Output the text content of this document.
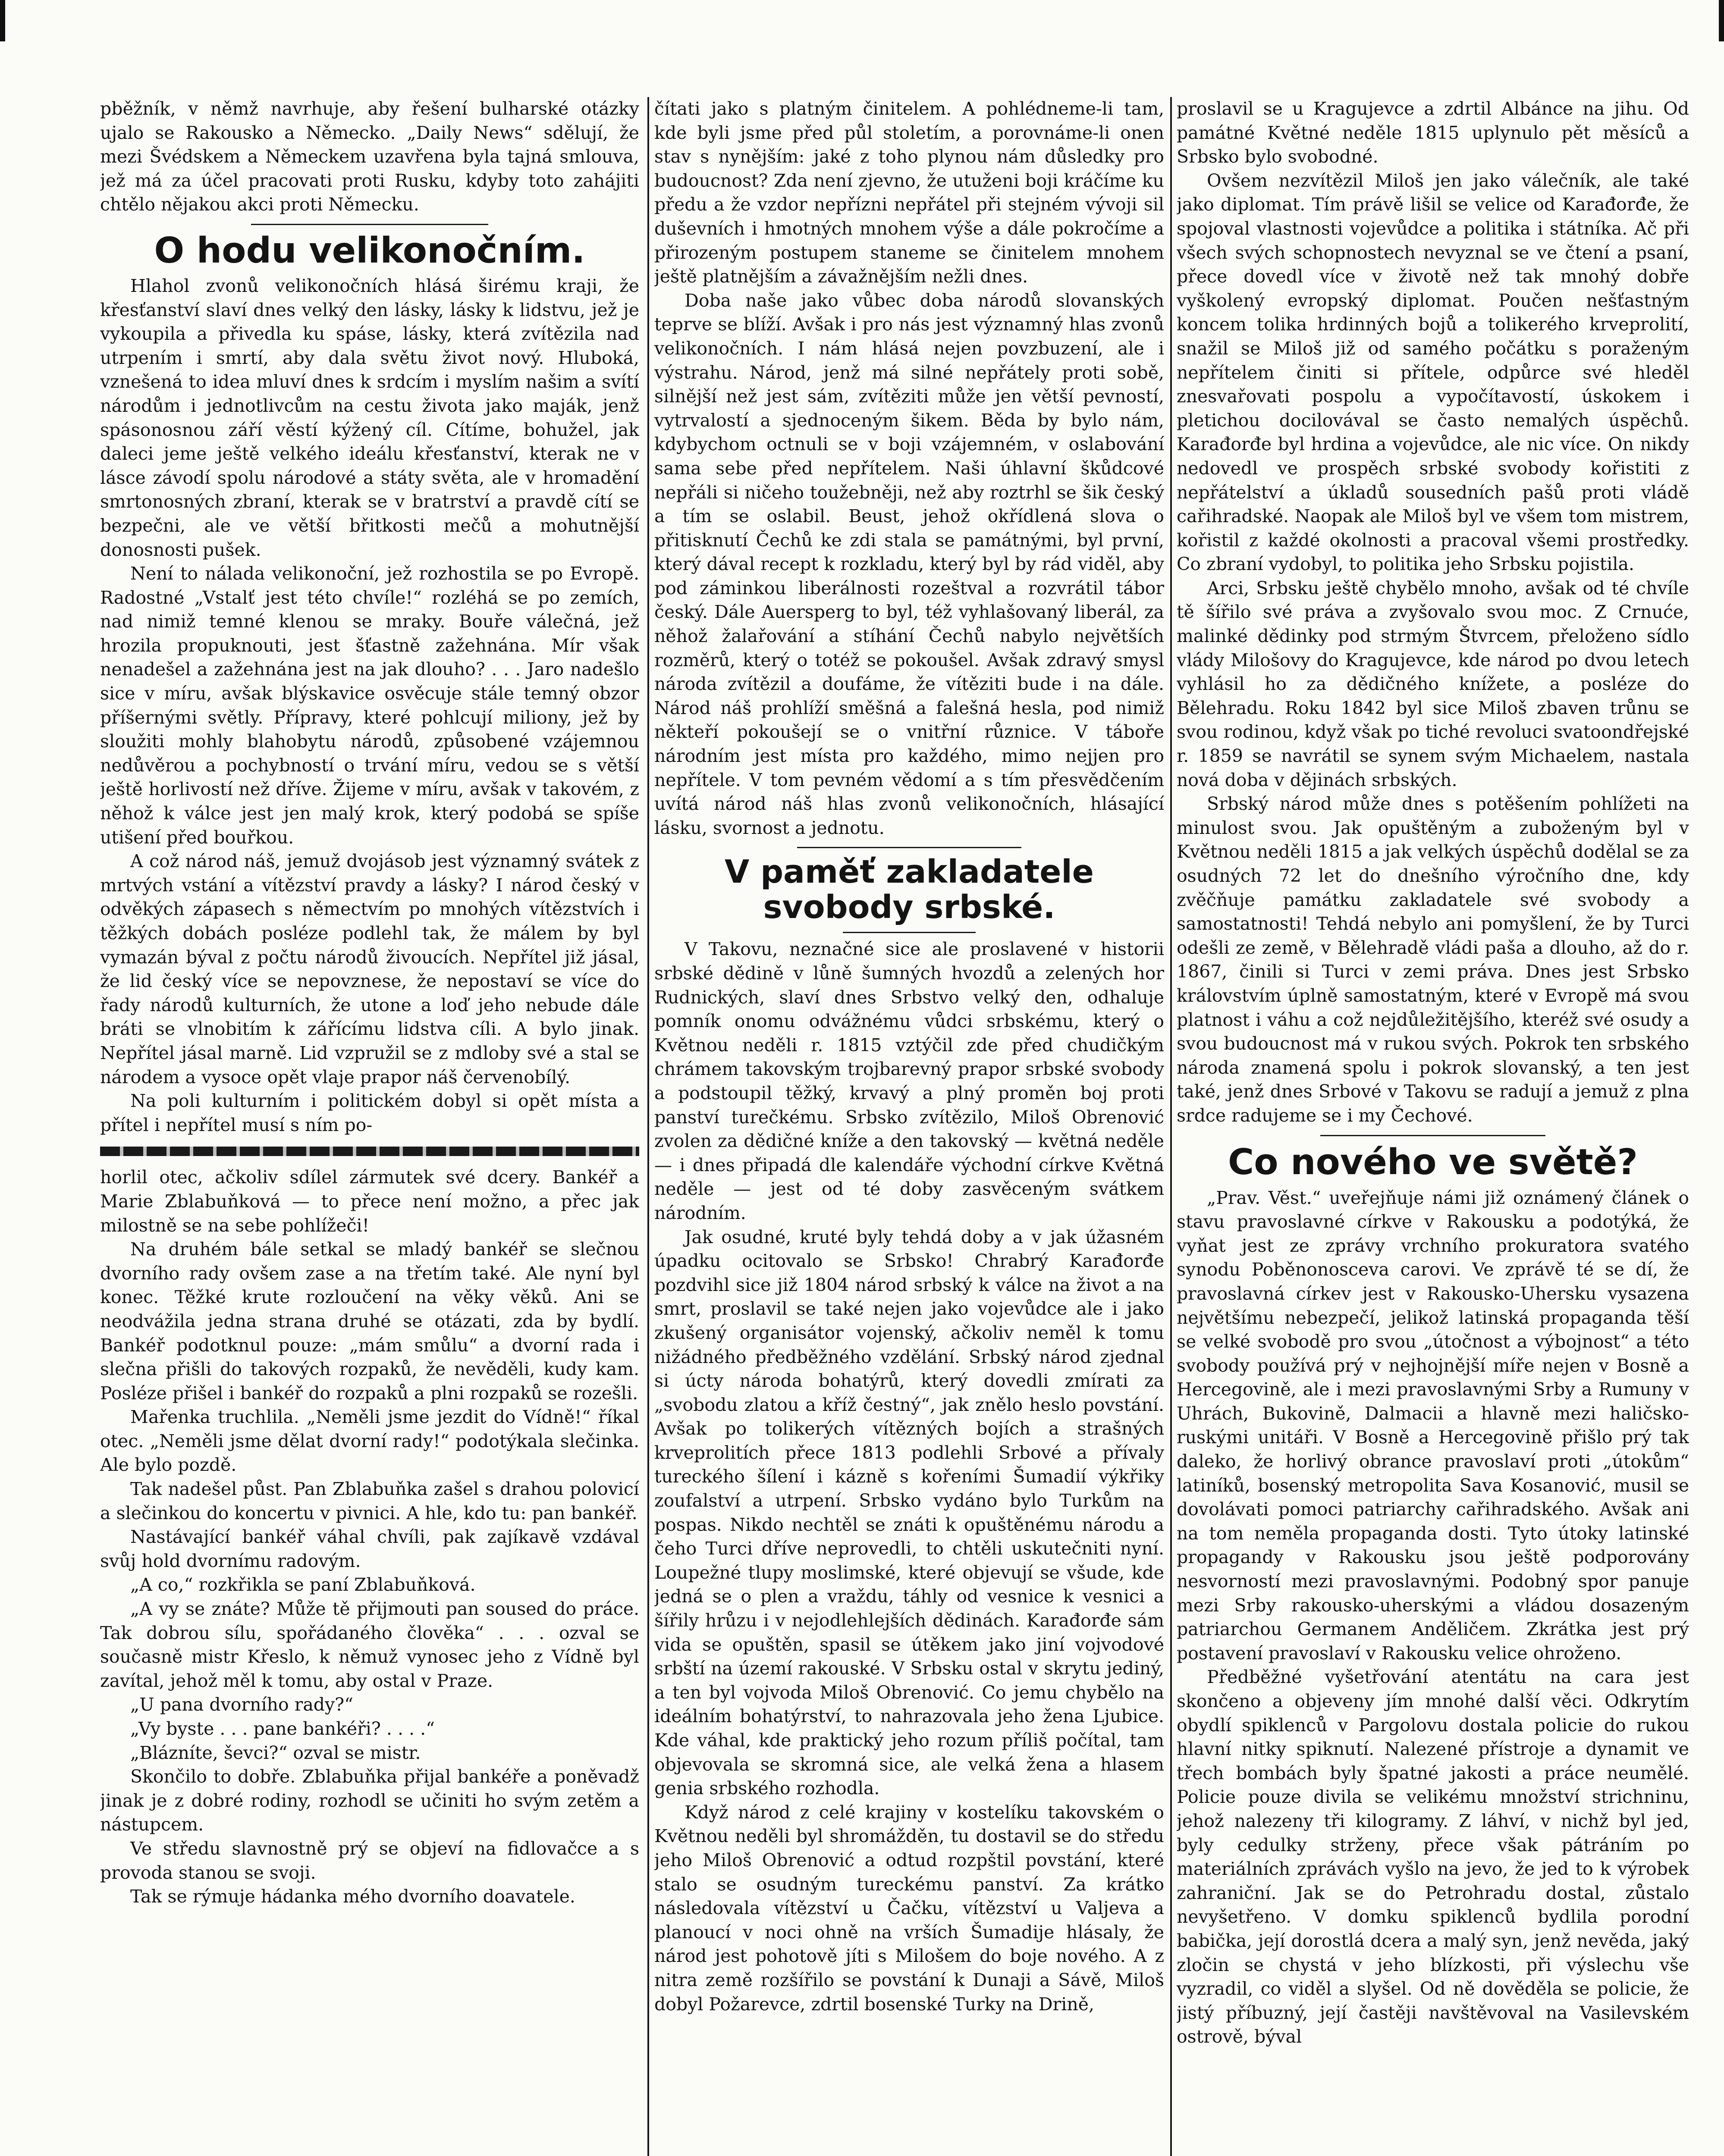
pběžník, v němž navrhuje, aby řešení bulharské otázky ujalo se Rakousko a Německo. „Daily News“ sdělují, že mezi Švédskem a Německem uzavřena byla tajná smlouva, jež má za účel pracovati proti Rusku, kdyby toto zahájiti chtělo nějakou akci proti Německu.

O hodu velikonočním.

Hlahol zvonů velikonočních hlásá širému kraji, že křesťanství slaví dnes velký den lásky, lásky k lidstvu, jež je vykoupila a přivedla ku spáse, lásky, která zvítězila nad utrpením i smrtí, aby dala světu život nový. Hluboká, vznešená to idea mluví dnes k srdcím i myslím našim a svítí národům i jednotlivcům na cestu života jako maják, jenž spásonosnou září věstí kýžený cíl. Cítíme, bohužel, jak daleci jeme ještě velkého ideálu křesťanství, kterak ne v lásce závodí spolu národové a státy světa, ale v hromadění smrtonosných zbraní, kterak se v bratrství a pravdě cítí se bezpečni, ale ve větší břitkosti mečů a mohutnější donosnosti pušek.

Není to nálada velikonoční, jež rozhostila se po Evropě. Radostné „Vstalť jest této chvíle!“ rozléhá se po zemích, nad nimiž temné klenou se mraky. Bouře válečná, jež hrozila propuknouti, jest šťastně zažehnána. Mír však nenadešel a zažehnána jest na jak dlouho? . . . Jaro nadešlo sice v míru, avšak blýskavice osvěcuje stále temný obzor příšernými světly. Přípravy, které pohlcují miliony, jež by sloužiti mohly blahobytu národů, způsobené vzájemnou nedůvěrou a pochybností o trvání míru, vedou se s větší ještě horlivostí než dříve. Žijeme v míru, avšak v takovém, z něhož k válce jest jen malý krok, který podobá se spíše utišení před bouřkou.

A což národ náš, jemuž dvojásob jest významný svátek z mrtvých vstání a vítězství pravdy a lásky? I národ český v odvěkých zápasech s němectvím po mnohých vítězstvích i těžkých dobách posléze podlehl tak, že málem by byl vymazán býval z počtu národů živoucích. Nepřítel již jásal, že lid český více se nepovznese, že nepostaví se více do řady národů kulturních, že utone a loď jeho nebude dále bráti se vlnobitím k zářícímu lidstva cíli. A bylo jinak. Nepřítel jásal marně. Lid vzpružil se z mdloby své a stal se národem a vysoce opět vlaje prapor náš červenobílý.

Na poli kulturním i politickém dobyl si opět místa a přítel i nepřítel musí s ním po-

horlil otec, ačkoliv sdílel zármutek své dcery. Bankéř a Marie Zblabuňková — to přece není možno, a přec jak milostně se na sebe pohlížeči!

Na druhém bále setkal se mladý bankéř se slečnou dvorního rady ovšem zase a na třetím také. Ale nyní byl konec. Těžké krute rozloučení na věky věků. Ani se neodvážila jedna strana druhé se otázati, zda by bydlí. Bankéř podotknul pouze: „mám smůlu“ a dvorní rada i slečna přišli do takových rozpaků, že nevěděli, kudy kam. Posléze přišel i bankéř do rozpaků a plni rozpaků se rozešli.

Mařenka truchlila. „Neměli jsme jezdit do Vídně!“ říkal otec. „Neměli jsme dělat dvorní rady!“ podotýkala slečinka. Ale bylo pozdě.

Tak nadešel půst. Pan Zblabuňka zašel s drahou polovicí a slečinkou do koncertu v pivnici. A hle, kdo tu: pan bankéř.

Nastávající bankéř váhal chvíli, pak zajíkavě vzdával svůj hold dvornímu radovým.

„A co,“ rozkřikla se paní Zblabuňková.

„A vy se znáte? Může tě přijmouti pan soused do práce. Tak dobrou sílu, spořádaného člověka“ . . . ozval se současně mistr Křeslo, k němuž vynosec jeho z Vídně byl zavítal, jehož měl k tomu, aby ostal v Praze.

„U pana dvorního rady?“

„Vy byste . . . pane bankéři? . . . .“

„Blázníte, ševci?“ ozval se mistr.

Skončilo to dobře. Zblabuňka přijal bankéře a poněvadž jinak je z dobré rodiny, rozhodl se učiniti ho svým zetěm a nástupcem.

Ve středu slavnostně prý se objeví na fidlovačce a s provoda stanou se svoji.

Tak se rýmuje hádanka mého dvorního doavatele.

čítati jako s platným činitelem. A pohlédneme-li tam, kde byli jsme před půl stoletím, a porovnáme-li onen stav s nynějším: jaké z toho plynou nám důsledky pro budoucnost? Zda není zjevno, že utuženi boji kráčíme ku předu a že vzdor nepřízni nepřátel při stejném vývoji sil duševních i hmotných mnohem výše a dále pokročíme a přirozeným postupem staneme se činitelem mnohem ještě platnějším a závažnějším nežli dnes.

Doba naše jako vůbec doba národů slovanských teprve se blíží. Avšak i pro nás jest významný hlas zvonů velikonočních. I nám hlásá nejen povzbuzení, ale i výstrahu. Národ, jenž má silné nepřátely proti sobě, silnější než jest sám, zvítěziti může jen větší pevností, vytrvalostí a sjednoceným šikem. Běda by bylo nám, kdybychom octnuli se v boji vzájemném, v oslabování sama sebe před nepřítelem. Naši úhlavní škůdcové nepřáli si ničeho toužebněji, než aby roztrhl se šik český a tím se oslabil. Beust, jehož okřídlená slova o přitisknutí Čechů ke zdi stala se památnými, byl první, který dával recept k rozkladu, který byl by rád viděl, aby pod záminkou liberálnosti rozeštval a rozvrátil tábor český. Dále Auersperg to byl, též vyhlašovaný liberál, za něhož žalařování a stíhání Čechů nabylo největších rozměrů, který o totéž se pokoušel. Avšak zdravý smysl národa zvítězil a doufáme, že vítěziti bude i na dále. Národ náš prohlíží směšná a falešná hesla, pod nimiž někteří pokoušejí se o vnitřní různice. V táboře národním jest místa pro každého, mimo nejjen pro nepřítele. V tom pevném vědomí a s tím přesvědčením uvítá národ náš hlas zvonů velikonočních, hlásající lásku, svornost a jednotu.

V paměť zakladatele svobody srbské.

V Takovu, neznačné sice ale proslavené v historii srbské dědině v lůně šumných hvozdů a zelených hor Rudnických, slaví dnes Srbstvo velký den, odhaluje pomník onomu odvážnému vůdci srbskému, který o Květnou neděli r. 1815 vztýčil zde před chudičkým chrámem takovským trojbarevný prapor srbské svobody a podstoupil těžký, krvavý a plný proměn boj proti panství turečkému. Srbsko zvítězilo, Miloš Obrenović zvolen za dědičné kníže a den takovský — květná neděle — i dnes připadá dle kalendáře východní církve Květná neděle — jest od té doby zasvěceným svátkem národním.

Jak osudné, kruté byly tehdá doby a v jak úžasném úpadku ocitovalo se Srbsko! Chrabrý Karađorđe pozdvihl sice již 1804 národ srbský k válce na život a na smrt, proslavil se také nejen jako vojevůdce ale i jako zkušený organisátor vojenský, ačkoliv neměl k tomu nižádného předběžného vzdělání. Srbský národ zjednal si úcty národa bohatýrů, který dovedli zmírati za „svobodu zlatou a kříž čestný“, jak znělo heslo povstání. Avšak po tolikerých vítězných bojích a strašných krveprolitích přece 1813 podlehli Srbové a přívaly tureckého šílení i kázně s kořeními Šumadií výkřiky zoufalství a utrpení. Srbsko vydáno bylo Turkům na pospas. Nikdo nechtěl se znáti k opuštěnému národu a čeho Turci dříve neprovedli, to chtěli uskutečniti nyní. Loupežné tlupy moslimské, které objevují se všude, kde jedná se o plen a vraždu, táhly od vesnice k vesnici a šířily hrůzu i v nejodlehlejších dědinách. Karađorđe sám vida se opuštěn, spasil se útěkem jako jiní vojvodové srbští na území rakouské. V Srbsku ostal v skrytu jediný, a ten byl vojvoda Miloš Obrenović. Co jemu chybělo na ideálním bohatýrství, to nahrazovala jeho žena Ljubice. Kde váhal, kde praktický jeho rozum příliš počítal, tam objevovala se skromná sice, ale velká žena a hlasem genia srbského rozhodla.

Když národ z celé krajiny v kostelíku takovském o Květnou neděli byl shromážděn, tu dostavil se do středu jeho Miloš Obrenović a odtud rozpštil povstání, které stalo se osudným tureckému panství. Za krátko následovala vítězství u Čačku, vítězství u Valjeva a planoucí v noci ohně na vrších Šumadije hlásaly, že národ jest pohotově jíti s Milošem do boje nového. A z nitra země rozšířilo se povstání k Dunaji a Sávě, Miloš dobyl Požarevce, zdrtil bosenské Turky na Drině,

proslavil se u Kragujevce a zdrtil Albánce na jihu. Od památné Květné neděle 1815 uplynulo pět měsíců a Srbsko bylo svobodné.

Ovšem nezvítězil Miloš jen jako válečník, ale také jako diplomat. Tím právě lišil se velice od Karađorđe, že spojoval vlastnosti vojevůdce a politika i státníka. Ač při všech svých schopnostech nevyznal se ve čtení a psaní, přece dovedl více v životě než tak mnohý dobře vyškolený evropský diplomat. Poučen nešťastným koncem tolika hrdinných bojů a tolikerého krveprolití, snažil se Miloš již od samého počátku s poraženým nepřítelem činiti si přítele, odpůrce své hleděl znesvařovati pospolu a vypočítavostí, úskokem i pletichou docilovával se často nemalých úspěchů. Karađorđe byl hrdina a vojevůdce, ale nic více. On nikdy nedovedl ve prospěch srbské svobody kořistiti z nepřátelství a úkladů sousedních pašů proti vládě cařihradské. Naopak ale Miloš byl ve všem tom mistrem, kořistil z každé okolnosti a pracoval všemi prostředky. Co zbraní vydobyl, to politika jeho Srbsku pojistila.

Arci, Srbsku ještě chybělo mnoho, avšak od té chvíle tě šířilo své práva a zvyšovalo svou moc. Z Crnuće, malinké dědinky pod strmým Štvrcem, přeloženo sídlo vlády Milošovy do Kragujevce, kde národ po dvou letech vyhlásil ho za dědičného knížete, a posléze do Bělehradu. Roku 1842 byl sice Miloš zbaven trůnu se svou rodinou, když však po tiché revoluci svatoondřejské r. 1859 se navrátil se synem svým Michaelem, nastala nová doba v dějinách srbských.

Srbský národ může dnes s potěšením pohlížeti na minulost svou. Jak opuštěným a zuboženým byl v Květnou neděli 1815 a jak velkých úspěchů dodělal se za osudných 72 let do dnešního výročního dne, kdy zvěčňuje památku zakladatele své svobody a samostatnosti! Tehdá nebylo ani pomyšlení, že by Turci odešli ze země, v Bělehradě vládi paša a dlouho, až do r. 1867, činili si Turci v zemi práva. Dnes jest Srbsko královstvím úplně samostatným, které v Evropě má svou platnost i váhu a což nejdůležitějšího, kteréž své osudy a svou budoucnost má v rukou svých. Pokrok ten srbského národa znamená spolu i pokrok slovanský, a ten jest také, jenž dnes Srbové v Takovu se radují a jemuž z plna srdce radujeme se i my Čechové.

Co nového ve světě?

„Prav. Věst.“ uveřejňuje námi již oznámený článek o stavu pravoslavné církve v Rakousku a podotýká, že vyňat jest ze zprávy vrchního prokuratora svatého synodu Poběnonosceva carovi. Ve zprávě té se dí, že pravoslavná církev jest v Rakousko-Uhersku vysazena největšímu nebezpečí, jelikož latinská propaganda těší se velké svobodě pro svou „útočnost a výbojnost“ a této svobody používá prý v nejhojnější míře nejen v Bosně a Hercegovině, ale i mezi pravoslavnými Srby a Rumuny v Uhrách, Bukovině, Dalmacii a hlavně mezi haličsko-ruskými unitáři. V Bosně a Hercegovině přišlo prý tak daleko, že horlivý obrance pravoslaví proti „útokům“ latiníků, bosenský metropolita Sava Kosanović, musil se dovolávati pomoci patriarchy cařihradského. Avšak ani na tom neměla propaganda dosti. Tyto útoky latinské propagandy v Rakousku jsou ještě podporovány nesvorností mezi pravoslavnými. Podobný spor panuje mezi Srby rakousko-uherskými a vládou dosazeným patriarchou Germanem Anděličem. Zkrátka jest prý postavení pravoslaví v Rakousku velice ohroženo.

Předběžné vyšetřování atentátu na cara jest skončeno a objeveny jím mnohé další věci. Odkrytím obydlí spiklenců v Pargolovu dostala policie do rukou hlavní nitky spiknutí. Nalezené přístroje a dynamit ve třech bombách byly špatné jakosti a práce neumělé. Policie pouze divila se velikému množství strichninu, jehož nalezeny tři kilogramy. Z láhví, v nichž byl jed, byly cedulky strženy, přece však pátráním po materiálních zprávách vyšlo na jevo, že jed to k výrobek zahraniční. Jak se do Petrohradu dostal, zůstalo nevyšetřeno. V domku spiklenců bydlila porodní babička, její dorostlá dcera a malý syn, jenž nevěda, jaký zločin se chystá v jeho blízkosti, při výslechu vše vyzradil, co viděl a slyšel. Od ně dověděla se policie, že jistý příbuzný, její častěji navštěvoval na Vasilevském ostrově, býval
